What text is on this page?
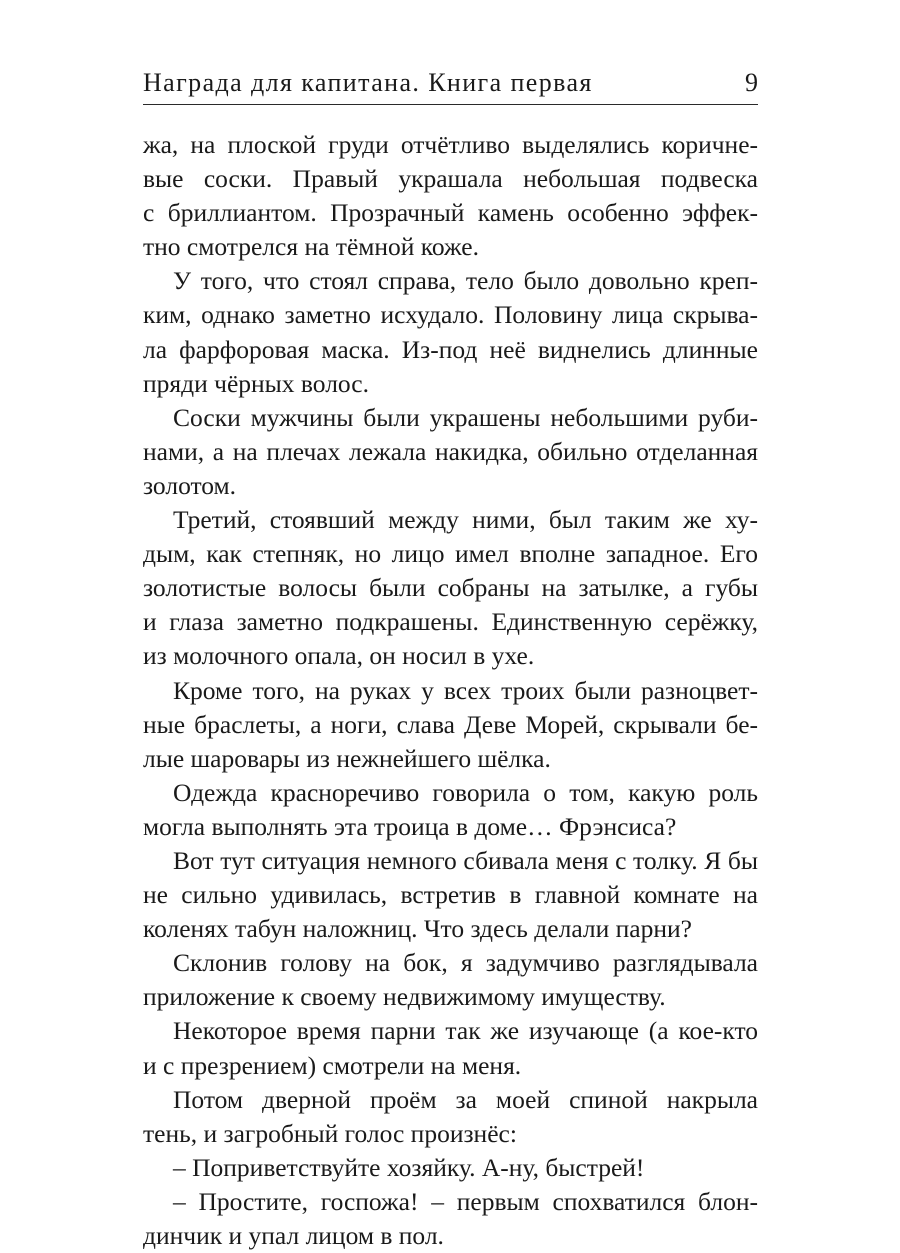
Награда для капитана. Книга первая	9
жа, на плоской груди отчётливо выделялись коричне-
вые соски. Правый украшала небольшая подвеска
с бриллиантом. Прозрачный камень особенно эффек-
тно смотрелся на тёмной коже.
У того, что стоял справа, тело было довольно креп-
ким, однако заметно исхудало. Половину лица скрыва-
ла фарфоровая маска. Из-под неё виднелись длинные
пряди чёрных волос.
Соски мужчины были украшены небольшими руби-
нами, а на плечах лежала накидка, обильно отделанная
золотом.
Третий, стоявший между ними, был таким же ху-
дым, как степняк, но лицо имел вполне западное. Его
золотистые волосы были собраны на затылке, а губы
и глаза заметно подкрашены. Единственную серёжку,
из молочного опала, он носил в ухе.
Кроме того, на руках у всех троих были разноцвет-
ные браслеты, а ноги, слава Деве Морей, скрывали бе-
лые шаровары из нежнейшего шёлка.
Одежда красноречиво говорила о том, какую роль
могла выполнять эта троица в доме… Фрэнсиса?
Вот тут ситуация немного сбивала меня с толку. Я бы
не сильно удивилась, встретив в главной комнате на
коленях табун наложниц. Что здесь делали парни?
Склонив голову на бок, я задумчиво разглядывала
приложение к своему недвижимому имуществу.
Некоторое время парни так же изучающе (а кое-кто
и с презрением) смотрели на меня.
Потом дверной проём за моей спиной накрыла
тень, и загробный голос произнёс:
– Поприветствуйте хозяйку. А-ну, быстрей!
– Простите, госпожа! – первым спохватился блон-
динчик и упал лицом в пол.
